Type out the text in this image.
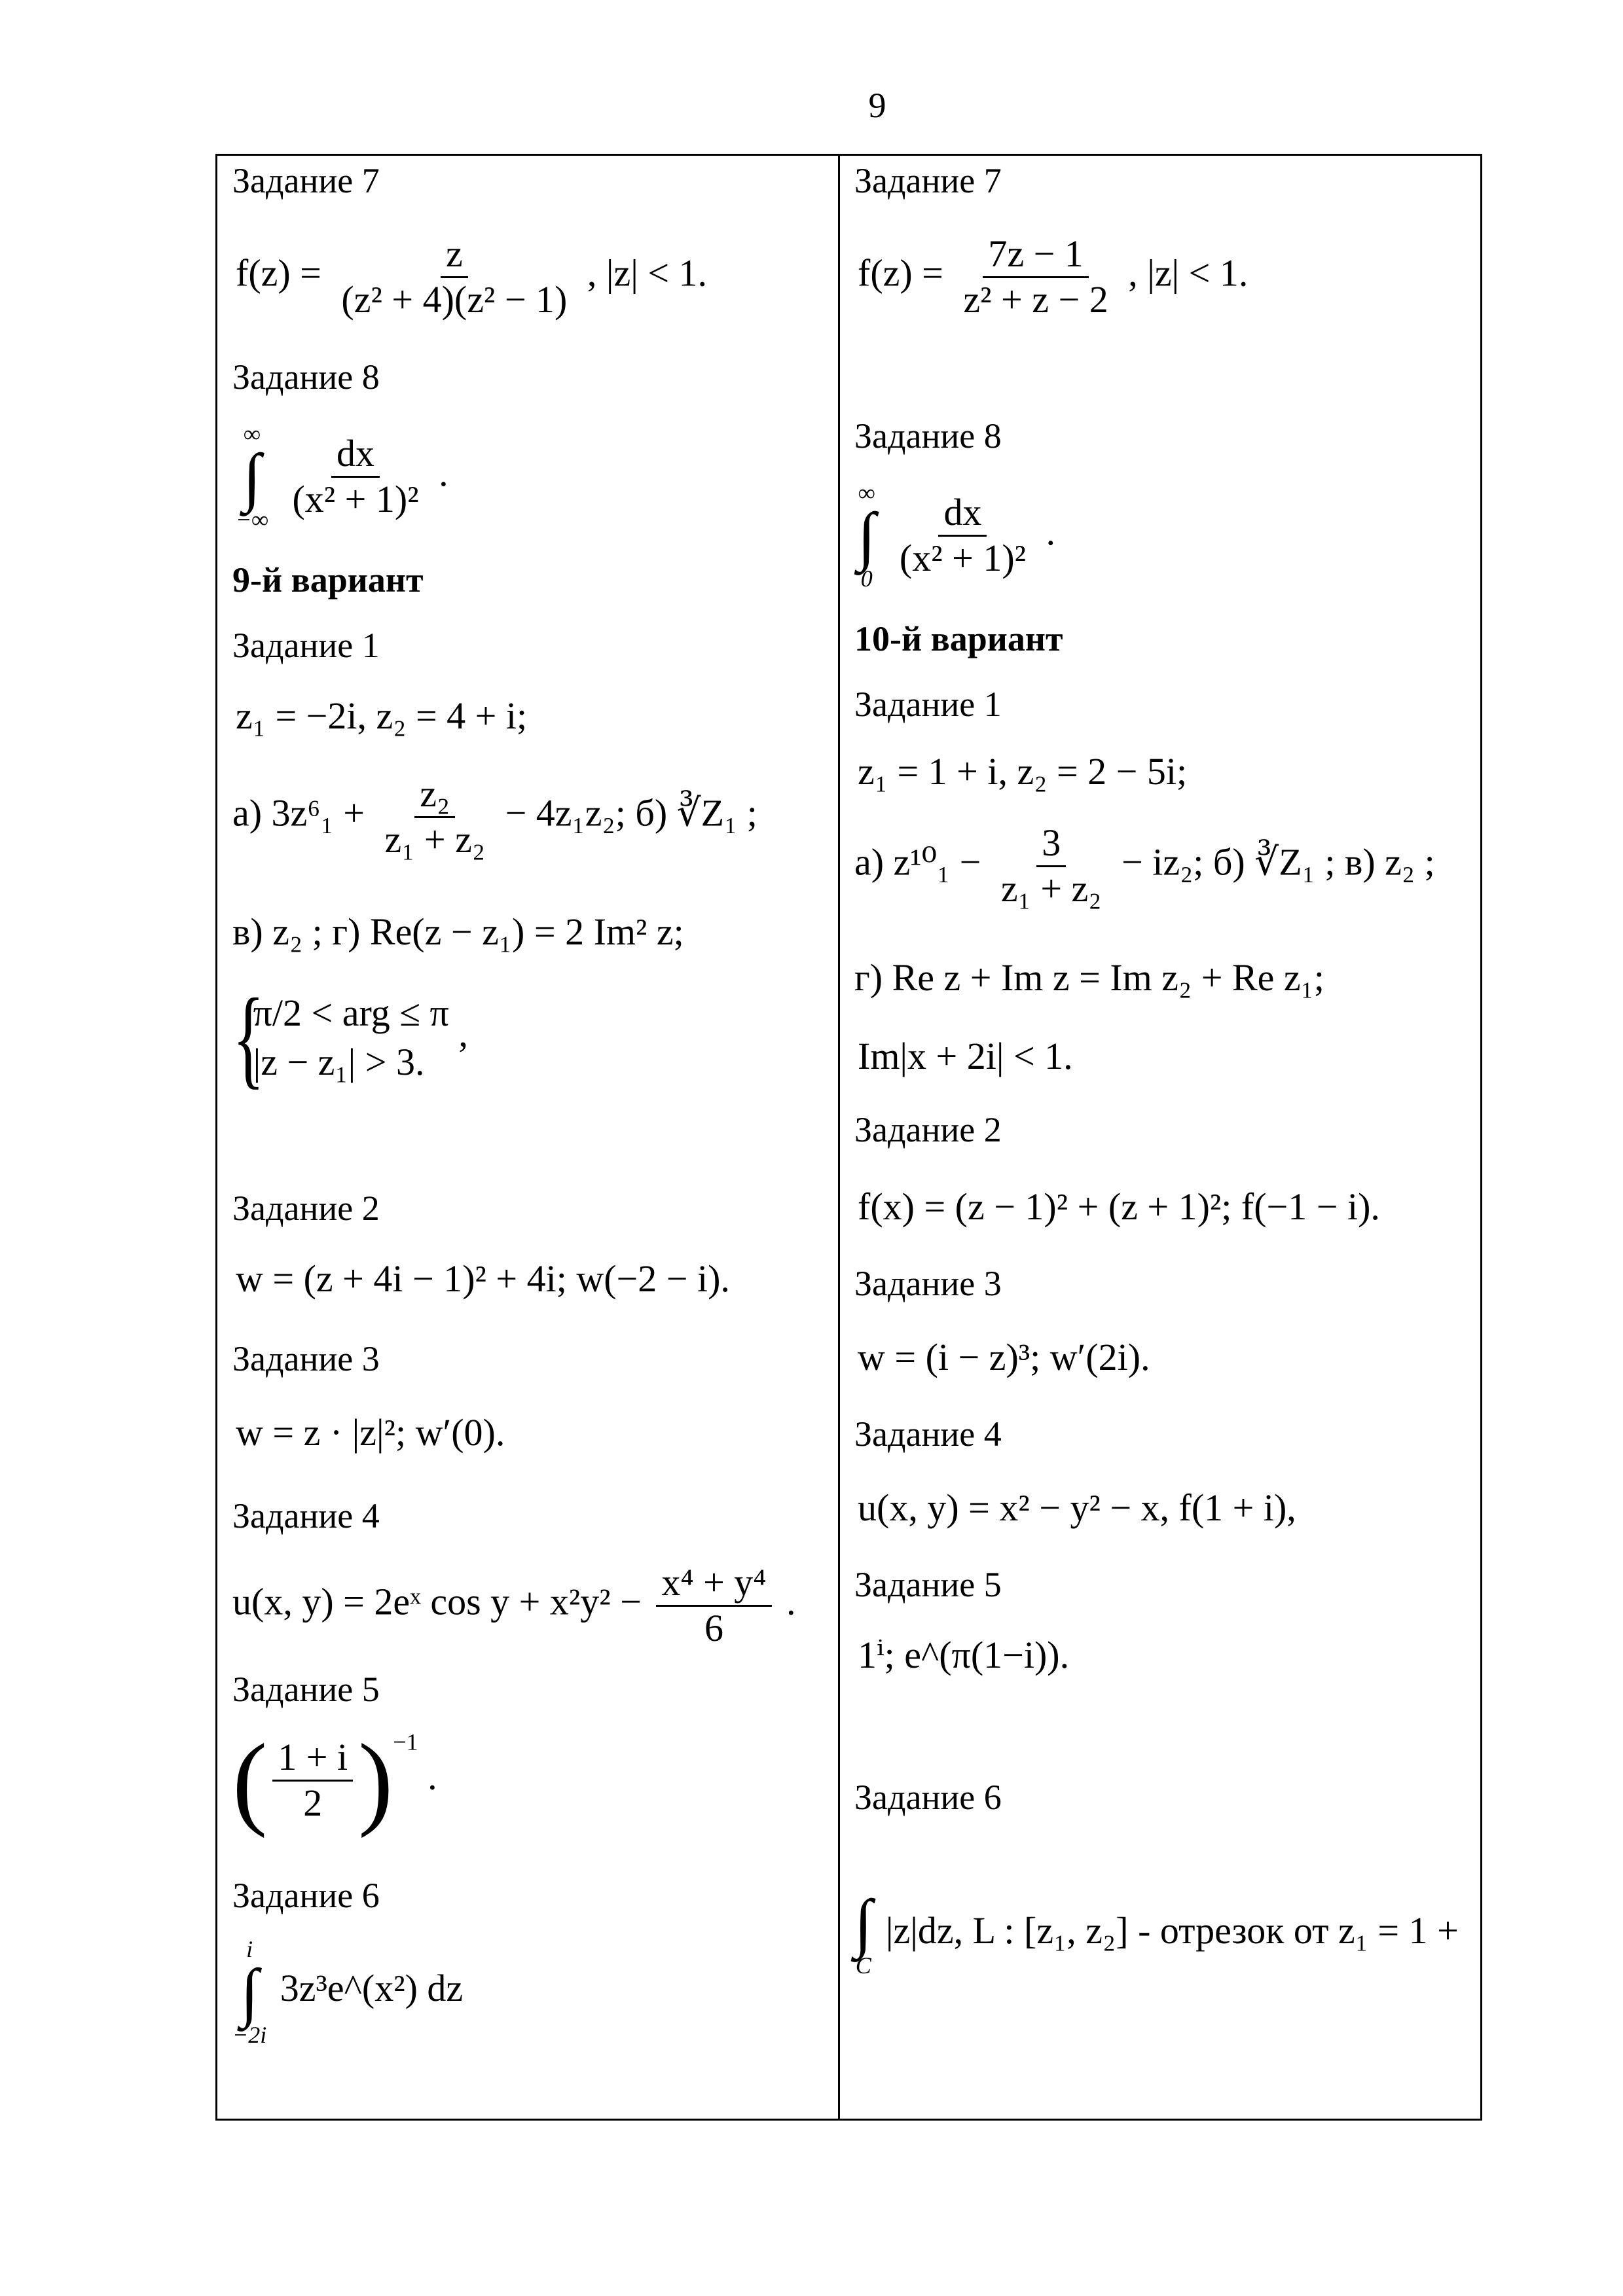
9
Задание 7
$f(z) = \frac{z}{\text{(z² + 4)(z² − 1)}}$ , |z| < 1.
Задание 8
∞
∫
−∞
$\frac{dx}{\text{(x² + 1)²}}$ .
9-й вариант
Задание 1
z₁ = −2i, z₂ = 4 + i;
а) $3z^6_1 + \frac{\text{z₂}}{\text{z₁ + z₂}} - 4z_1z_2$; б) ∛Z₁ ;
в) z₂ ; г) Re(z − z₁) = 2 Im² z;
{
π/2 < arg ≤ π
|z − z₁| > 3.
,
Задание 2
w = (z + 4i − 1)² + 4i; w(−2 − i).
Задание 3
w = z · |z|²; w′(0).
Задание 4
u(x, y) = 2eˣ $\cos y + x^2y^2 - \frac{\text{x⁴ + y⁴}}{6}$ .
Задание 5
( $\frac{1 + i}{2} )^{-1}$ .
Задание 6
i
∫
−2i
3z³e^(x²) dz
Задание 7
$f(z) = \frac{7z - 1}{\text{z² + z − 2}}$ , |z| < 1.
Задание 8
∞
∫
0
$\frac{dx}{\text{(x² + 1)²}}$ .
10-й вариант
Задание 1
z₁ = 1 + i, z₂ = 2 − 5i;
а) $z^{10}_1 - \frac{3}{\text{z₁ + z₂}} - iz_2$; б) ∛Z₁ ; в) z₂ ;
г) Re z + Im z = Im z₂ + Re z₁;
Im|x + 2i| < 1.
Задание 2
f(x) = (z − 1)² + (z + 1)²; f(−1 − i).
Задание 3
w = (i − z)³; w′(2i).
Задание 4
u(x, y) = x² − y² − x, f(1 + i),
Задание 5
1ⁱ; e^(π(1−i)).
Задание 6
∫
C
|z|dz, L : [z₁, z₂] - отрезок от z₁ = 1 +
